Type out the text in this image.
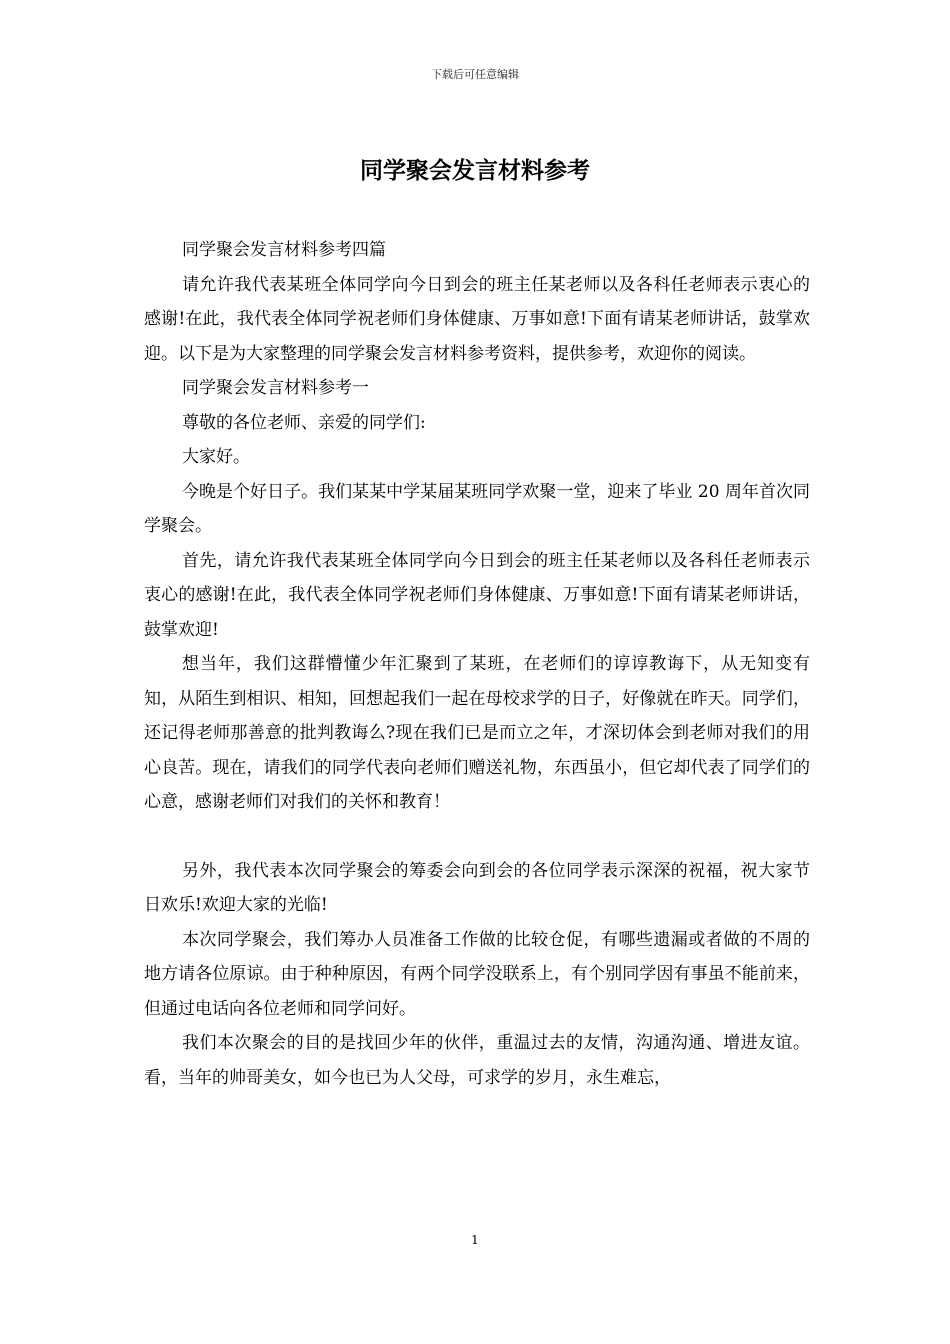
下载后可任意编辑
同学聚会发言材料参考

同学聚会发言材料参考四篇

请允许我代表某班全体同学向今日到会的班主任某老师以及各科任老师表示衷心的感谢!在此，我代表全体同学祝老师们身体健康、万事如意!下面有请某老师讲话，鼓掌欢迎。以下是为大家整理的同学聚会发言材料参考资料，提供参考，欢迎你的阅读。

同学聚会发言材料参考一

尊敬的各位老师、亲爱的同学们:

大家好。

今晚是个好日子。我们某某中学某届某班同学欢聚一堂，迎来了毕业 20 周年首次同学聚会。

首先，请允许我代表某班全体同学向今日到会的班主任某老师以及各科任老师表示衷心的感谢!在此，我代表全体同学祝老师们身体健康、万事如意!下面有请某老师讲话，鼓掌欢迎!

想当年，我们这群懵懂少年汇聚到了某班，在老师们的谆谆教诲下，从无知变有知，从陌生到相识、相知，回想起我们一起在母校求学的日子，好像就在昨天。同学们，还记得老师那善意的批判教诲么?现在我们已是而立之年，才深切体会到老师对我们的用心良苦。现在，请我们的同学代表向老师们赠送礼物，东西虽小，但它却代表了同学们的心意，感谢老师们对我们的关怀和教育！

另外，我代表本次同学聚会的筹委会向到会的各位同学表示深深的祝福，祝大家节日欢乐!欢迎大家的光临!

本次同学聚会，我们筹办人员准备工作做的比较仓促，有哪些遗漏或者做的不周的地方请各位原谅。由于种种原因，有两个同学没联系上，有个别同学因有事虽不能前来，但通过电话向各位老师和同学问好。

我们本次聚会的目的是找回少年的伙伴，重温过去的友情，沟通沟通、增进友谊。看，当年的帅哥美女，如今也已为人父母，可求学的岁月，永生难忘，

1
